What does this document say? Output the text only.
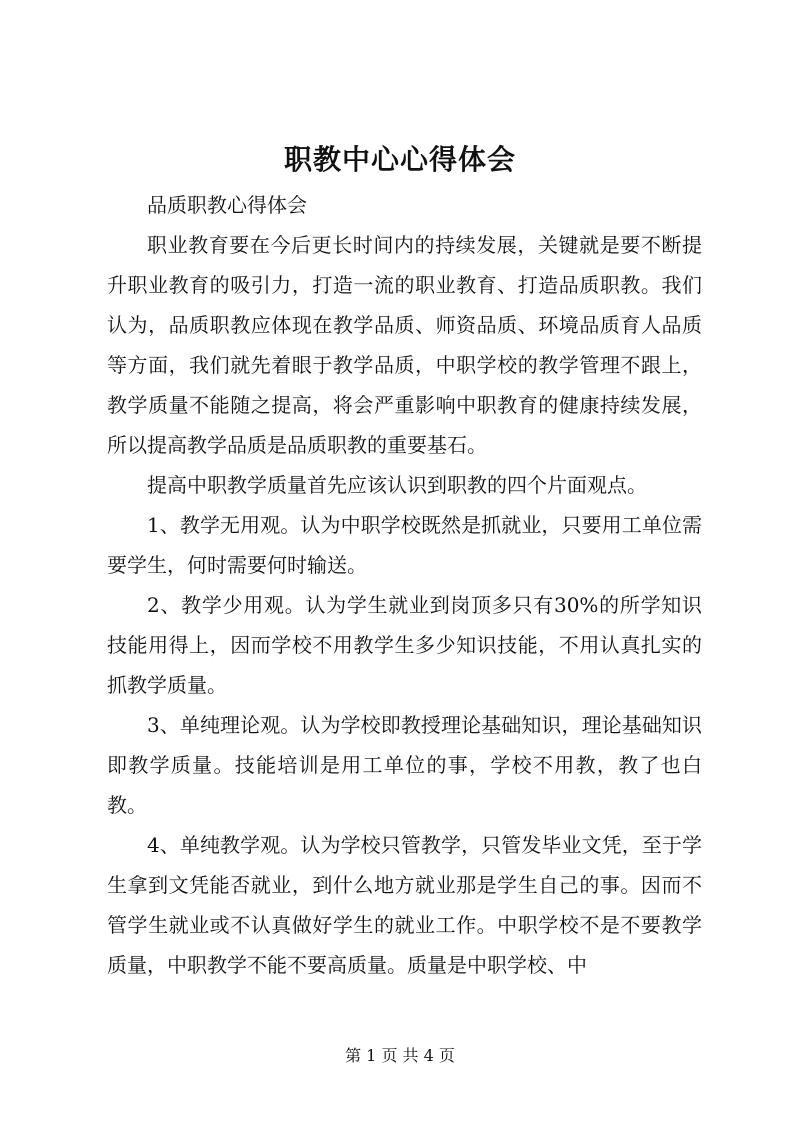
职教中心心得体会

品质职教心得体会

职业教育要在今后更长时间内的持续发展，关键就是要不断提升职业教育的吸引力，打造一流的职业教育、打造品质职教。我们认为，品质职教应体现在教学品质、师资品质、环境品质育人品质等方面，我们就先着眼于教学品质，中职学校的教学管理不跟上，教学质量不能随之提高，将会严重影响中职教育的健康持续发展，所以提高教学品质是品质职教的重要基石。

提高中职教学质量首先应该认识到职教的四个片面观点。

1、教学无用观。认为中职学校既然是抓就业，只要用工单位需要学生，何时需要何时输送。

2、教学少用观。认为学生就业到岗顶多只有30%的所学知识技能用得上，因而学校不用教学生多少知识技能，不用认真扎实的抓教学质量。

3、单纯理论观。认为学校即教授理论基础知识，理论基础知识即教学质量。技能培训是用工单位的事，学校不用教，教了也白教。

4、单纯教学观。认为学校只管教学，只管发毕业文凭，至于学生拿到文凭能否就业，到什么地方就业那是学生自己的事。因而不管学生就业或不认真做好学生的就业工作。中职学校不是不要教学质量，中职教学不能不要高质量。质量是中职学校、中

第 1 页 共 4 页
